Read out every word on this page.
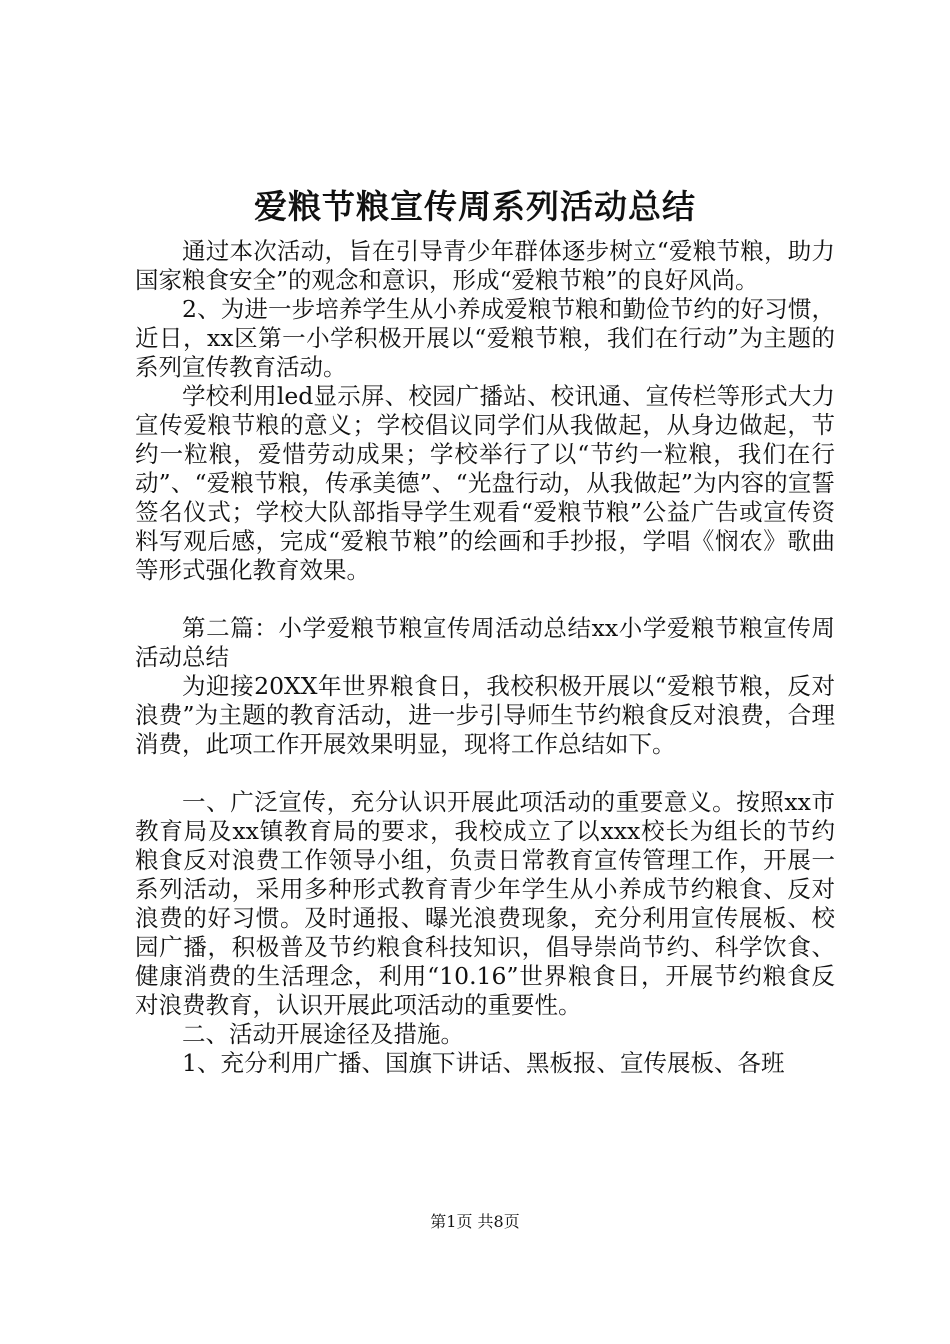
爱粮节粮宣传周系列活动总结

通过本次活动，旨在引导青少年群体逐步树立“爱粮节粮，助力国家粮食安全”的观念和意识，形成“爱粮节粮”的良好风尚。

2、为进一步培养学生从小养成爱粮节粮和勤俭节约的好习惯，近日，xx区第一小学积极开展以“爱粮节粮，我们在行动”为主题的系列宣传教育活动。

学校利用led显示屏、校园广播站、校讯通、宣传栏等形式大力宣传爱粮节粮的意义；学校倡议同学们从我做起，从身边做起，节约一粒粮，爱惜劳动成果；学校举行了以“节约一粒粮，我们在行动”、“爱粮节粮，传承美德”、“光盘行动，从我做起”为内容的宣誓签名仪式；学校大队部指导学生观看“爱粮节粮”公益广告或宣传资料写观后感，完成“爱粮节粮”的绘画和手抄报，学唱《悯农》歌曲等形式强化教育效果。

第二篇：小学爱粮节粮宣传周活动总结xx小学爱粮节粮宣传周活动总结

为迎接20XX年世界粮食日，我校积极开展以“爱粮节粮，反对浪费”为主题的教育活动，进一步引导师生节约粮食反对浪费，合理消费，此项工作开展效果明显，现将工作总结如下。

一、广泛宣传，充分认识开展此项活动的重要意义。按照xx市教育局及xx镇教育局的要求，我校成立了以xxx校长为组长的节约粮食反对浪费工作领导小组，负责日常教育宣传管理工作，开展一系列活动，采用多种形式教育青少年学生从小养成节约粮食、反对浪费的好习惯。及时通报、曝光浪费现象，充分利用宣传展板、校园广播，积极普及节约粮食科技知识，倡导崇尚节约、科学饮食、健康消费的生活理念，利用“10.16”世界粮食日，开展节约粮食反对浪费教育，认识开展此项活动的重要性。

二、活动开展途径及措施。

1、充分利用广播、国旗下讲话、黑板报、宣传展板、各班

第1页 共8页
